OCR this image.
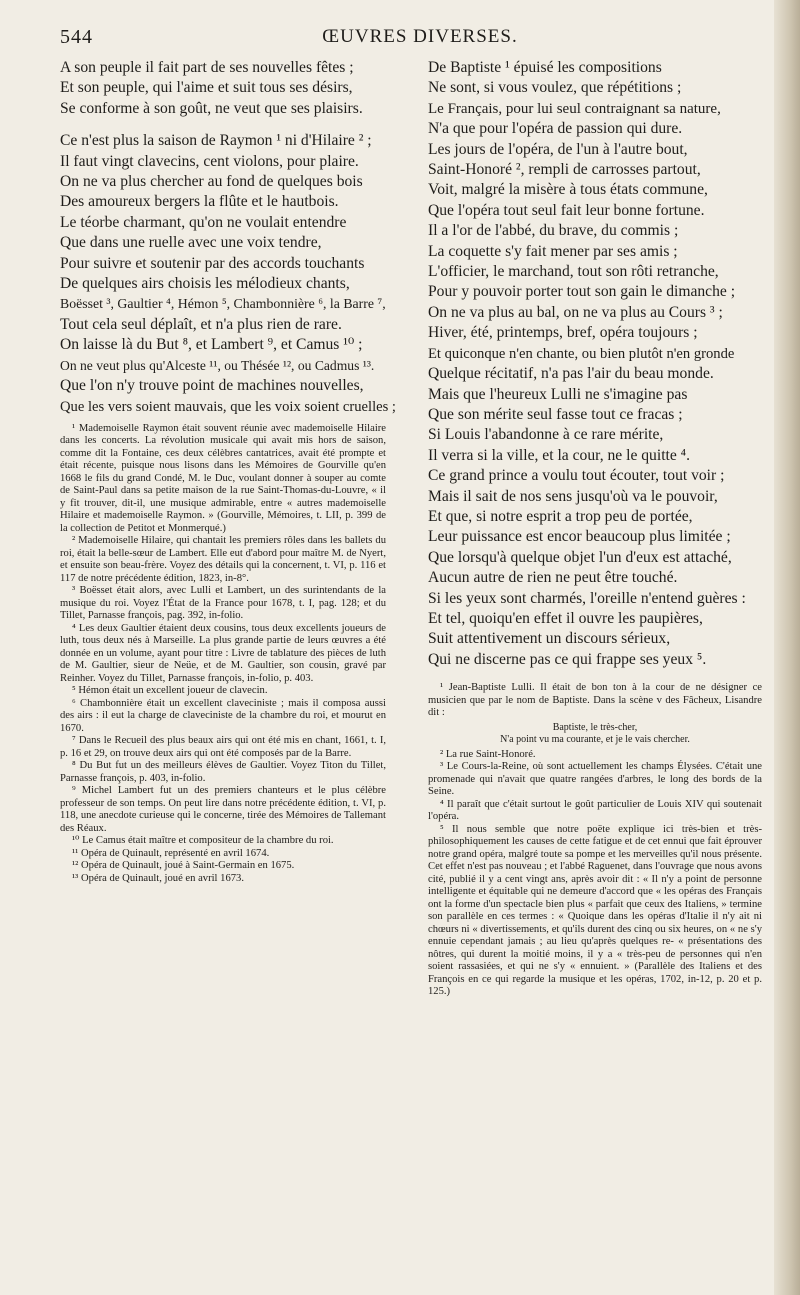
544	ŒUVRES DIVERSES.
A son peuple il fait part de ses nouvelles fêtes ;
Et son peuple, qui l'aime et suit tous ses désirs,
Se conforme à son goût, ne veut que ses plaisirs.
Ce n'est plus la saison de Raymon ¹ ni d'Hilaire ² ;
Il faut vingt clavecins, cent violons, pour plaire.
On ne va plus chercher au fond de quelques bois
Des amoureux bergers la flûte et le hautbois.
Le téorbe charmant, qu'on ne voulait entendre
Que dans une ruelle avec une voix tendre,
Pour suivre et soutenir par des accords touchants
De quelques airs choisis les mélodieux chants,
Boësset ³, Gaultier ⁴, Hémon ⁵, Chambonnière ⁶, la Barre ⁷,
Tout cela seul déplaît, et n'a plus rien de rare.
On laisse là du But ⁸, et Lambert ⁹, et Camus ¹⁰ ;
On ne veut plus qu'Alceste ¹¹, ou Thésée ¹², ou Cadmus ¹³.
Que l'on n'y trouve point de machines nouvelles,
Que les vers soient mauvais, que les voix soient cruelles ;

¹ Mademoiselle Raymon était souvent réunie avec mademoiselle Hilaire dans les concerts. La révolution musicale qui avait mis hors de saison, comme dit la Fontaine, ces deux célèbres cantatrices, avait été prompte et était récente, puisque nous lisons dans les Mémoires de Gourville qu'en 1668 le fils du grand Condé, M. le Duc, voulant donner à souper au comte de Saint-Paul dans sa petite maison de la rue Saint-Thomas-du-Louvre, « il y fit trouver, dit-il, une musique admirable, entre « autres mademoiselle Hilaire et mademoiselle Raymon. » (Gourville, Mémoires, t. LII, p. 399 de la collection de Petitot et Monmerqué.)

² Mademoiselle Hilaire, qui chantait les premiers rôles dans les ballets du roi, était la belle-sœur de Lambert. Elle eut d'abord pour maître M. de Nyert, et ensuite son beau-frère. Voyez des détails qui la concernent, t. VI, p. 116 et 117 de notre précédente édition, 1823, in-8°.

³ Boësset était alors, avec Lulli et Lambert, un des surintendants de la musique du roi. Voyez l'État de la France pour 1678, t. I, pag. 128; et du Tillet, Parnasse françois, pag. 392, in-folio.

⁴ Les deux Gaultier étaient deux cousins, tous deux excellents joueurs de luth, tous deux nés à Marseille. La plus grande partie de leurs œuvres a été donnée en un volume, ayant pour titre : Livre de tablature des pièces de luth de M. Gaultier, sieur de Neüe, et de M. Gaultier, son cousin, gravé par Reinher. Voyez du Tillet, Parnasse françois, in-folio, p. 403.

⁵ Hémon était un excellent joueur de clavecin.

⁶ Chambonnière était un excellent claveciniste ; mais il composa aussi des airs : il eut la charge de claveciniste de la chambre du roi, et mourut en 1670.

⁷ Dans le Recueil des plus beaux airs qui ont été mis en chant, 1661, t. I, p. 16 et 29, on trouve deux airs qui ont été composés par de la Barre.

⁸ Du But fut un des meilleurs élèves de Gaultier. Voyez Titon du Tillet, Parnasse françois, p. 403, in-folio.

⁹ Michel Lambert fut un des premiers chanteurs et le plus célèbre professeur de son temps. On peut lire dans notre précédente édition, t. VI, p. 118, une anecdote curieuse qui le concerne, tirée des Mémoires de Tallemant des Réaux.

¹⁰ Le Camus était maître et compositeur de la chambre du roi.

¹¹ Opéra de Quinault, représenté en avril 1674.

¹² Opéra de Quinault, joué à Saint-Germain en 1675.

¹³ Opéra de Quinault, joué en avril 1673.

De Baptiste ¹ épuisé les compositions
Ne sont, si vous voulez, que répétitions ;
Le Français, pour lui seul contraignant sa nature,
N'a que pour l'opéra de passion qui dure.
Les jours de l'opéra, de l'un à l'autre bout,
Saint-Honoré ², rempli de carrosses partout,
Voit, malgré la misère à tous états commune,
Que l'opéra tout seul fait leur bonne fortune.
Il a l'or de l'abbé, du brave, du commis ;
La coquette s'y fait mener par ses amis ;
L'officier, le marchand, tout son rôti retranche,
Pour y pouvoir porter tout son gain le dimanche ;
On ne va plus au bal, on ne va plus au Cours ³ ;
Hiver, été, printemps, bref, opéra toujours ;
Et quiconque n'en chante, ou bien plutôt n'en gronde
Quelque récitatif, n'a pas l'air du beau monde.
Mais que l'heureux Lulli ne s'imagine pas
Que son mérite seul fasse tout ce fracas ;
Si Louis l'abandonne à ce rare mérite,
Il verra si la ville, et la cour, ne le quitte ⁴.
Ce grand prince a voulu tout écouter, tout voir ;
Mais il sait de nos sens jusqu'où va le pouvoir,
Et que, si notre esprit a trop peu de portée,
Leur puissance est encor beaucoup plus limitée ;
Que lorsqu'à quelque objet l'un d'eux est attaché,
Aucun autre de rien ne peut être touché.
Si les yeux sont charmés, l'oreille n'entend guères :
Et tel, quoiqu'en effet il ouvre les paupières,
Suit attentivement un discours sérieux,
Qui ne discerne pas ce qui frappe ses yeux ⁵.

¹ Jean-Baptiste Lulli. Il était de bon ton à la cour de ne désigner ce musicien que par le nom de Baptiste. Dans la scène v des Fâcheux, Lisandre dit :

Baptiste, le très-cher,
N'a point vu ma courante, et je le vais chercher.

² La rue Saint-Honoré.

³ Le Cours-la-Reine, où sont actuellement les champs Élysées. C'était une promenade qui n'avait que quatre rangées d'arbres, le long des bords de la Seine.

⁴ Il paraît que c'était surtout le goût particulier de Louis XIV qui soutenait l'opéra.

⁵ Il nous semble que notre poëte explique ici très-bien et très-philosophiquement les causes de cette fatigue et de cet ennui que fait éprouver notre grand opéra, malgré toute sa pompe et les merveilles qu'il nous présente. Cet effet n'est pas nouveau ; et l'abbé Raguenet, dans l'ouvrage que nous avons cité, publié il y a cent vingt ans, après avoir dit : « Il n'y a point de personne intelligente et équitable qui ne demeure d'accord que « les opéras des Français ont la forme d'un spectacle bien plus « parfait que ceux des Italiens, » termine son parallèle en ces termes : « Quoique dans les opéras d'Italie il n'y ait ni chœurs ni « divertissements, et qu'ils durent des cinq ou six heures, on « ne s'y ennuie cependant jamais ; au lieu qu'après quelques re- « présentations des nôtres, qui durent la moitié moins, il y a « très-peu de personnes qui n'en soient rassasiées, et qui ne s'y « ennuient. » (Parallèle des Italiens et des François en ce qui regarde la musique et les opéras, 1702, in-12, p. 20 et p. 125.)
